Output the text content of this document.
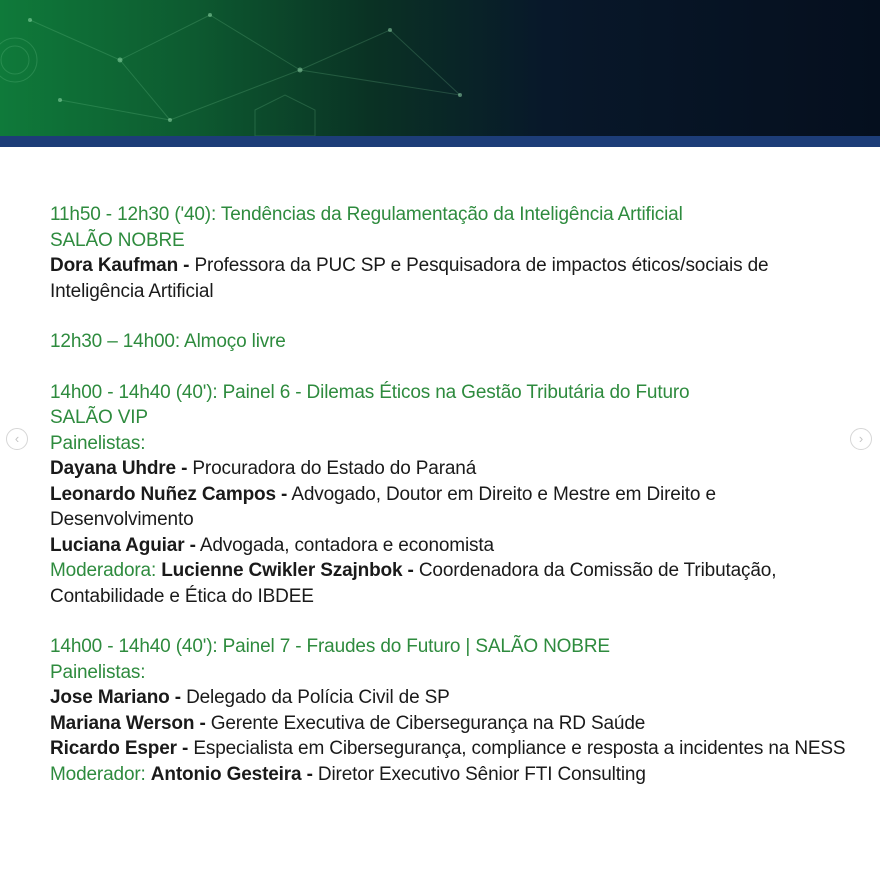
‹	›
11h50 - 12h30 ('40): Tendências da Regulamentação da Inteligência Artificial
SALÃO NOBRE
Dora Kaufman - Professora da PUC SP e Pesquisadora de impactos éticos/sociais de Inteligência Artificial
12h30 – 14h00: Almoço livre
14h00 - 14h40 (40'): Painel 6 - Dilemas Éticos na Gestão Tributária do Futuro
SALÃO VIP
Painelistas:
Dayana Uhdre - Procuradora do Estado do Paraná
Leonardo Nuñez Campos - Advogado, Doutor em Direito e Mestre em Direito e Desenvolvimento
Luciana Aguiar - Advogada, contadora e economista
Moderadora: Lucienne Cwikler Szajnbok - Coordenadora da Comissão de Tributação, Contabilidade e Ética do IBDEE
14h00 - 14h40 (40'): Painel 7 - Fraudes do Futuro | SALÃO NOBRE
Painelistas:
Jose Mariano - Delegado da Polícia Civil de SP
Mariana Werson - Gerente Executiva de Cibersegurança na RD Saúde
Ricardo Esper - Especialista em Cibersegurança, compliance e resposta a incidentes na NESS
Moderador: Antonio Gesteira - Diretor Executivo Sênior FTI Consulting
